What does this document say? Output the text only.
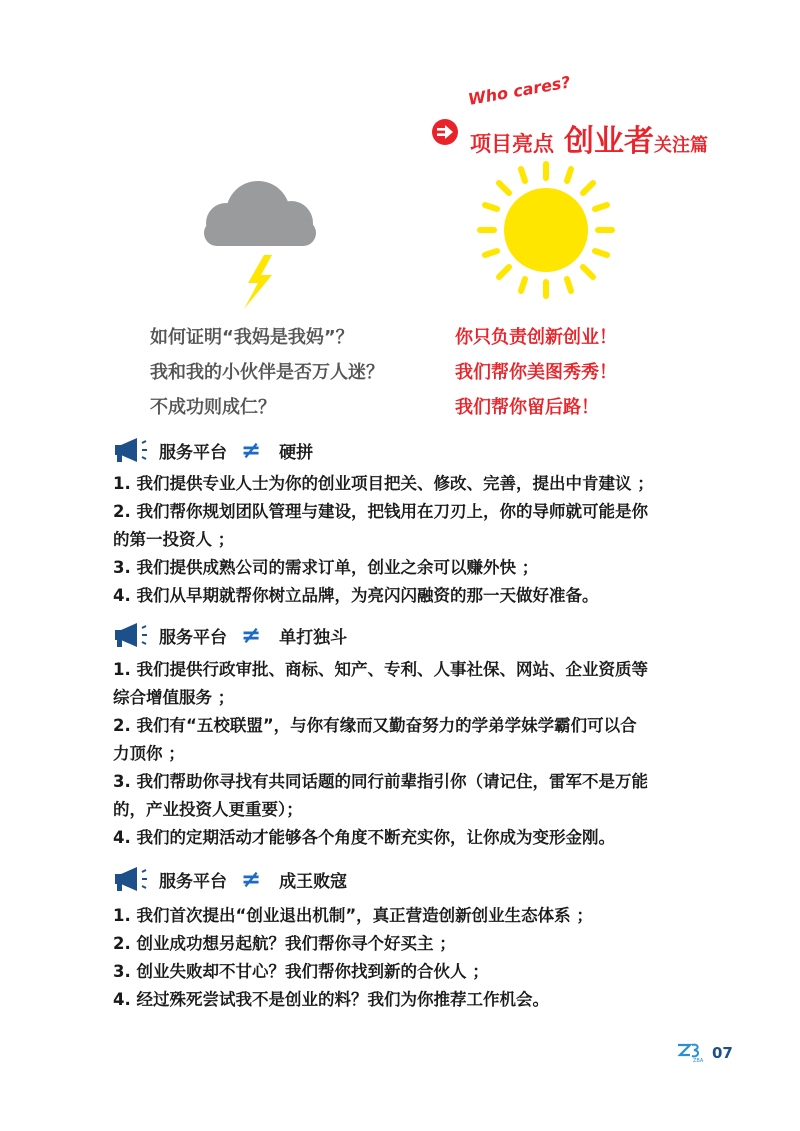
Who cares?
项目亮点 创业者关注篇
如何证明“我妈是我妈”？
我和我的小伙伴是否万人迷？
不成功则成仁？
你只负责创新创业！
我们帮你美图秀秀！
我们帮你留后路！
服务平台 ≠ 硬拼
1. 我们提供专业人士为你的创业项目把关、修改、完善，提出中肯建议 ；
2. 我们帮你规划团队管理与建设，把钱用在刀刃上，你的导师就可能是你
的第一投资人 ；
3. 我们提供成熟公司的需求订单，创业之余可以赚外快 ；
4. 我们从早期就帮你树立品牌，为亮闪闪融资的那一天做好准备。
服务平台 ≠ 单打独斗
1. 我们提供行政审批、商标、知产、专利、人事社保、网站、企业资质等
综合增值服务 ；
2. 我们有“五校联盟”，与你有缘而又勤奋努力的学弟学妹学霸们可以合
力顶你 ；
3. 我们帮助你寻找有共同话题的同行前辈指引你（请记住，雷军不是万能
的，产业投资人更重要）；
4. 我们的定期活动才能够各个角度不断充实你，让你成为变形金刚。
服务平台 ≠ 成王败寇
1. 我们首次提出“创业退出机制”，真正营造创新创业生态体系 ；
2. 创业成功想另起航？我们帮你寻个好买主 ；
3. 创业失败却不甘心？我们帮你找到新的合伙人 ；
4. 经过殊死尝试我不是创业的料？我们为你推荐工作机会。
ZBA 07
